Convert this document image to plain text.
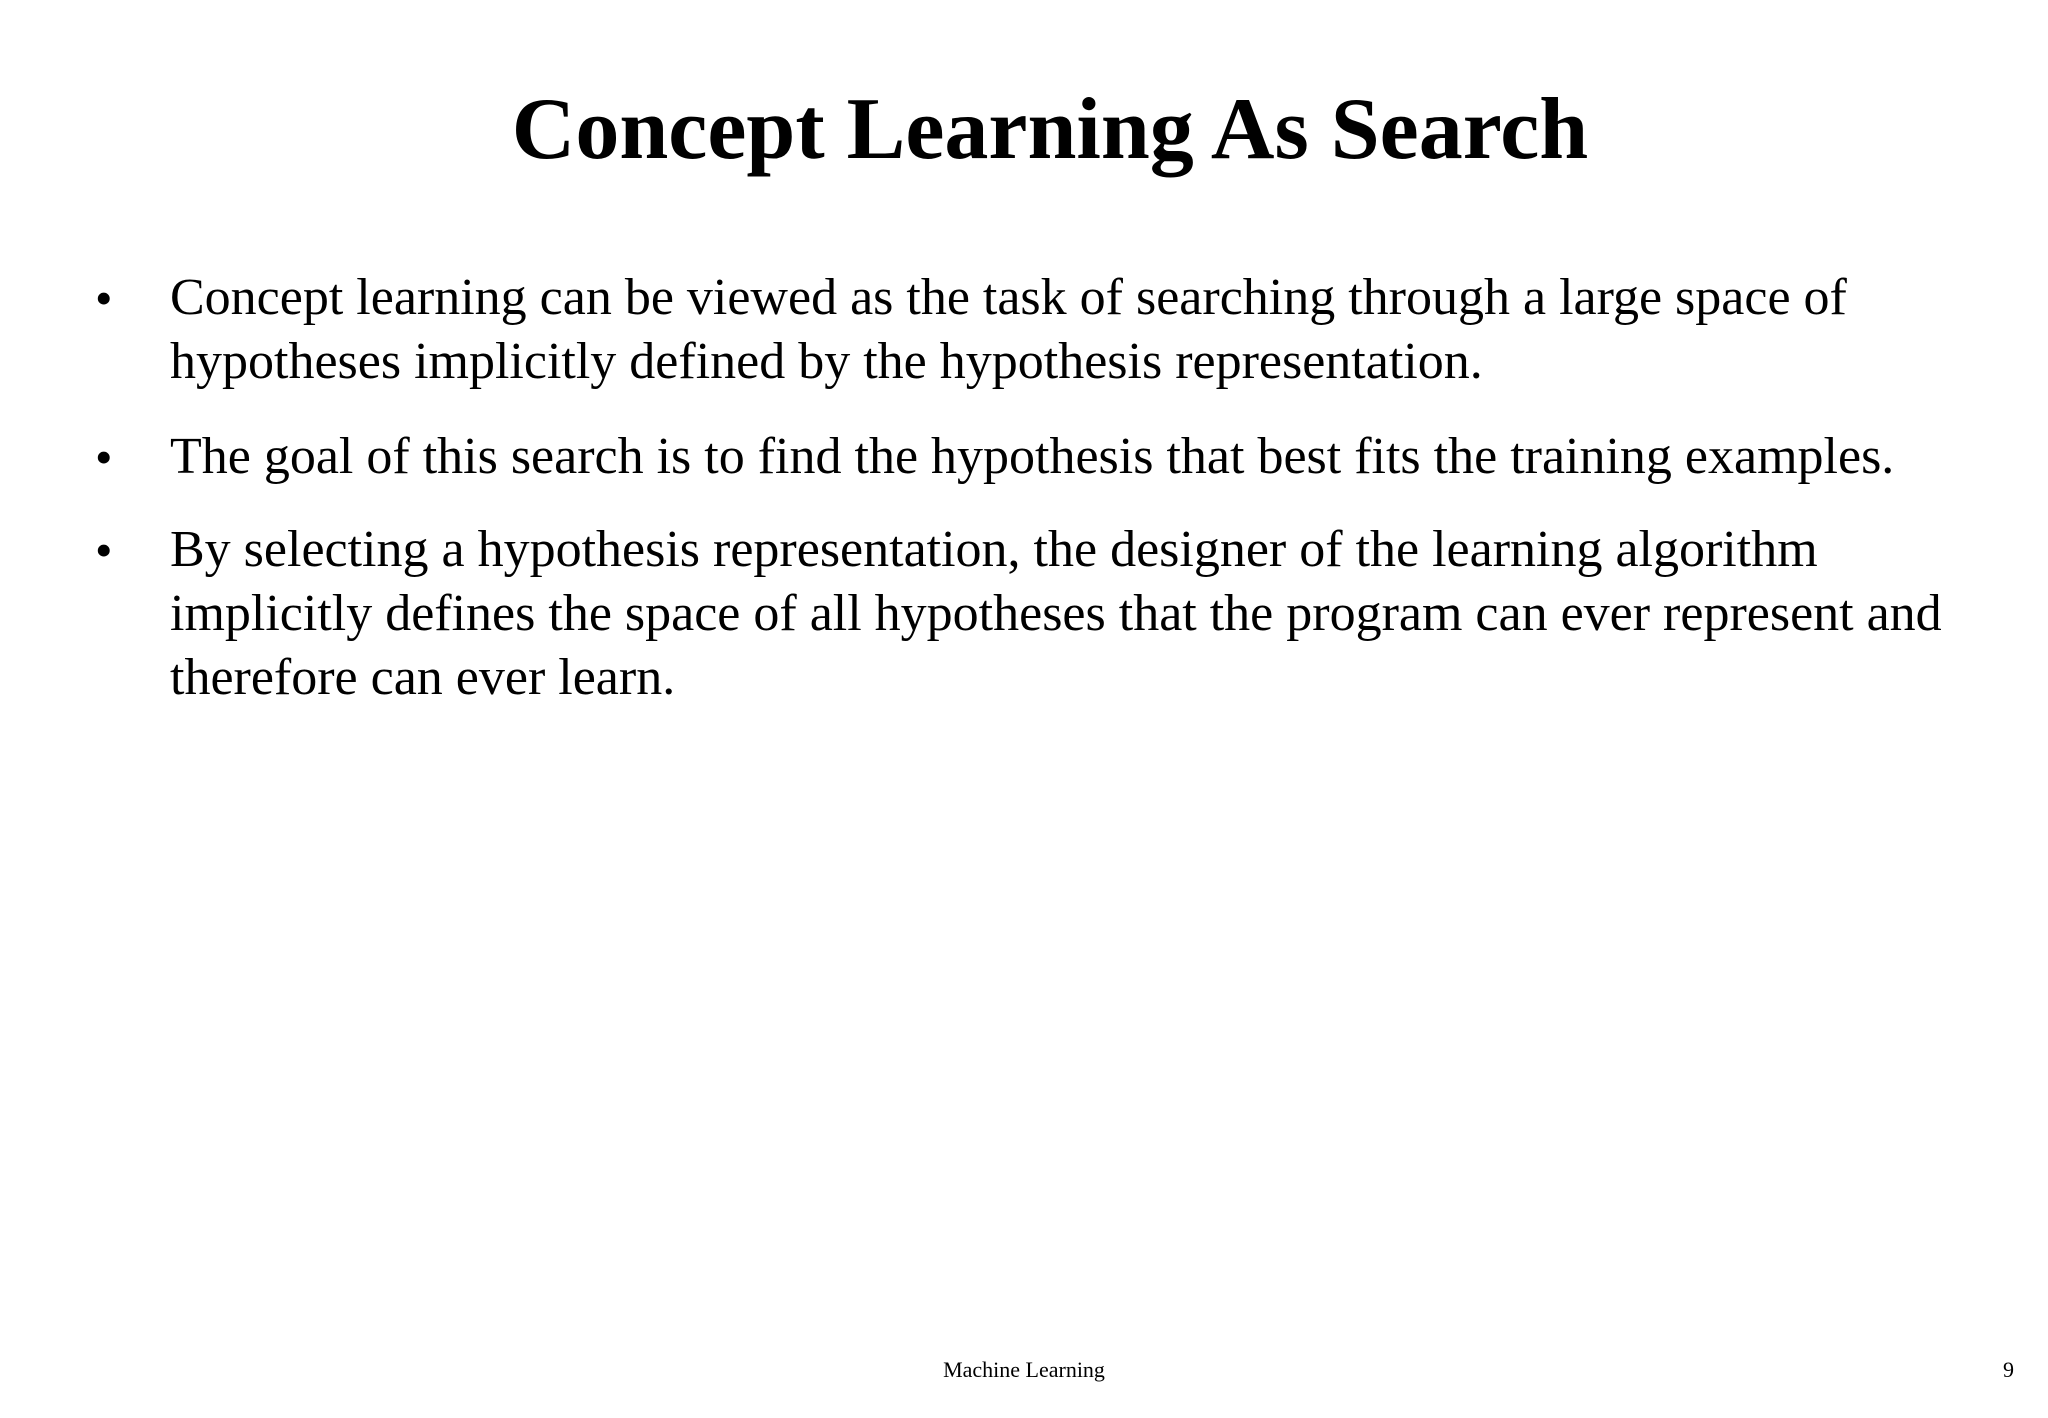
Concept Learning As Search
• Concept learning can be viewed as the task of searching through a large space of
hypotheses implicitly defined by the hypothesis representation.
• The goal of this search is to find the hypothesis that best fits the training examples.
• By selecting a hypothesis representation, the designer of the learning algorithm
implicitly defines the space of all hypotheses that the program can ever represent and
therefore can ever learn.
Machine Learning	9
